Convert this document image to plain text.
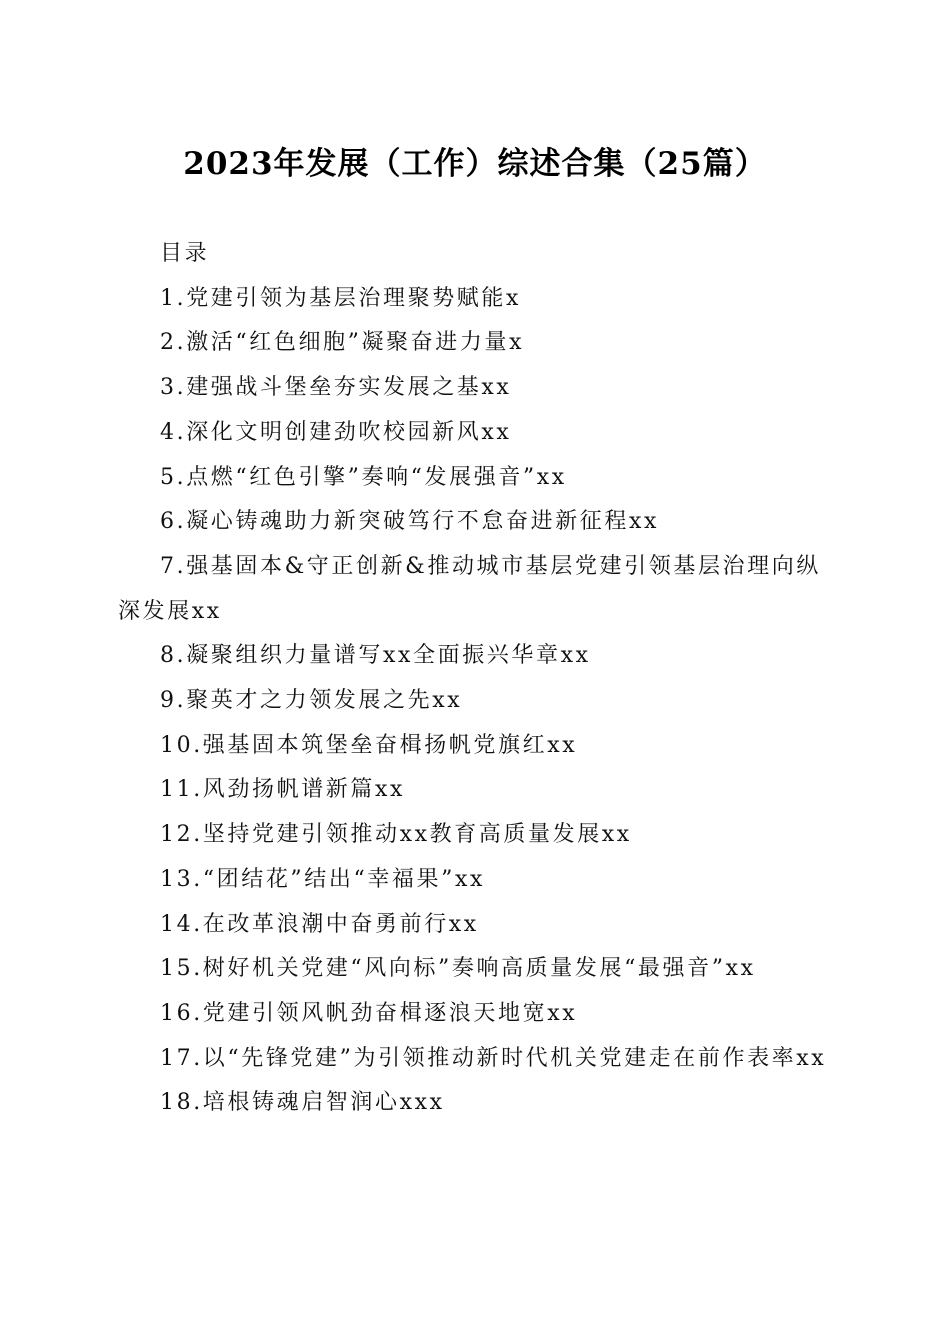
2023年发展（工作）综述合集（25篇）
目录

1.党建引领为基层治理聚势赋能x

2.激活“红色细胞”凝聚奋进力量x

3.建强战斗堡垒夯实发展之基xx

4.深化文明创建劲吹校园新风xx

5.点燃“红色引擎”奏响“发展强音”xx

6.凝心铸魂助力新突破笃行不怠奋进新征程xx

7.强基固本&守正创新&推动城市基层党建引领基层治理向纵深发展xx

8.凝聚组织力量谱写xx全面振兴华章xx

9.聚英才之力领发展之先xx

10.强基固本筑堡垒奋楫扬帆党旗红xx

11.风劲扬帆谱新篇xx

12.坚持党建引领推动xx教育高质量发展xx

13.“团结花”结出“幸福果”xx

14.在改革浪潮中奋勇前行xx

15.树好机关党建“风向标”奏响高质量发展“最强音”xx

16.党建引领风帆劲奋楫逐浪天地宽xx

17.以“先锋党建”为引领推动新时代机关党建走在前作表率xx

18.培根铸魂启智润心xxx
